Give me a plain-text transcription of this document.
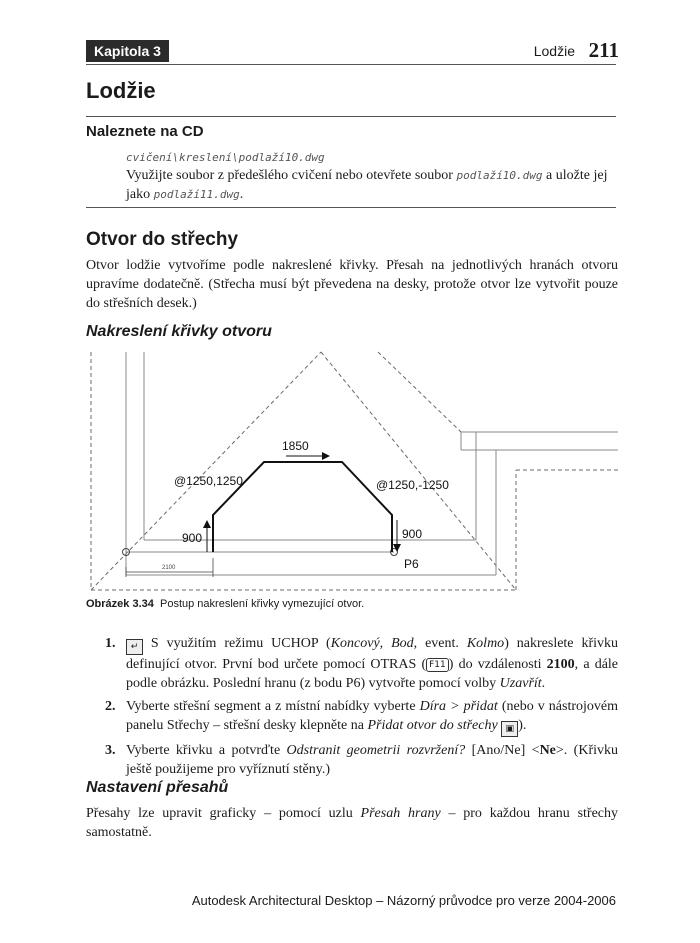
Kapitola 3	Lodžie 211
Lodžie
Naleznete na CD
cvičení\kreslení\podlaží10.dwg

Využijte soubor z předešlého cvičení nebo otevřete soubor podlaží10.dwg a uložte jej jako podlaží11.dwg.

Otvor do střechy

Otvor lodžie vytvoříme podle nakreslené křivky. Přesah na jednotlivých hranách otvoru upravíme dodatečně. (Střecha musí být převedena na desky, protože otvor lze vytvořit pouze do střešních desek.)

Nakreslení křivky otvoru
1850
@1250,1250	@1250,-1250
900	900
P6
2100
Obrázek 3.34 Postup nakreslení křivky vymezující otvor.
1. ↵ S využitím režimu UCHOP (Koncový, Bod, event. Kolmo) nakreslete křivku definující otvor. První bod určete pomocí OTRAS ( F11 ) do vzdálenosti 2100, a dále podle obrázku. Poslední hranu (z bodu P6) vytvořte pomocí volby Uzavřít.
2. Vyberte střešní segment a z místní nabídky vyberte Díra > přidat (nebo v nástrojovém panelu Střechy – střešní desky klepněte na Přidat otvor do střechy ▣ ).
3. Vyberte křivku a potvrďte Odstranit geometrii rozvržení? [Ano/Ne] <Ne>. (Křivku ještě použijeme pro vyříznutí stěny.)
Nastavení přesahů

Přesahy lze upravit graficky – pomocí uzlu Přesah hrany – pro každou hranu střechy samostatně.

Autodesk Architectural Desktop – Názorný průvodce pro verze 2004-2006
